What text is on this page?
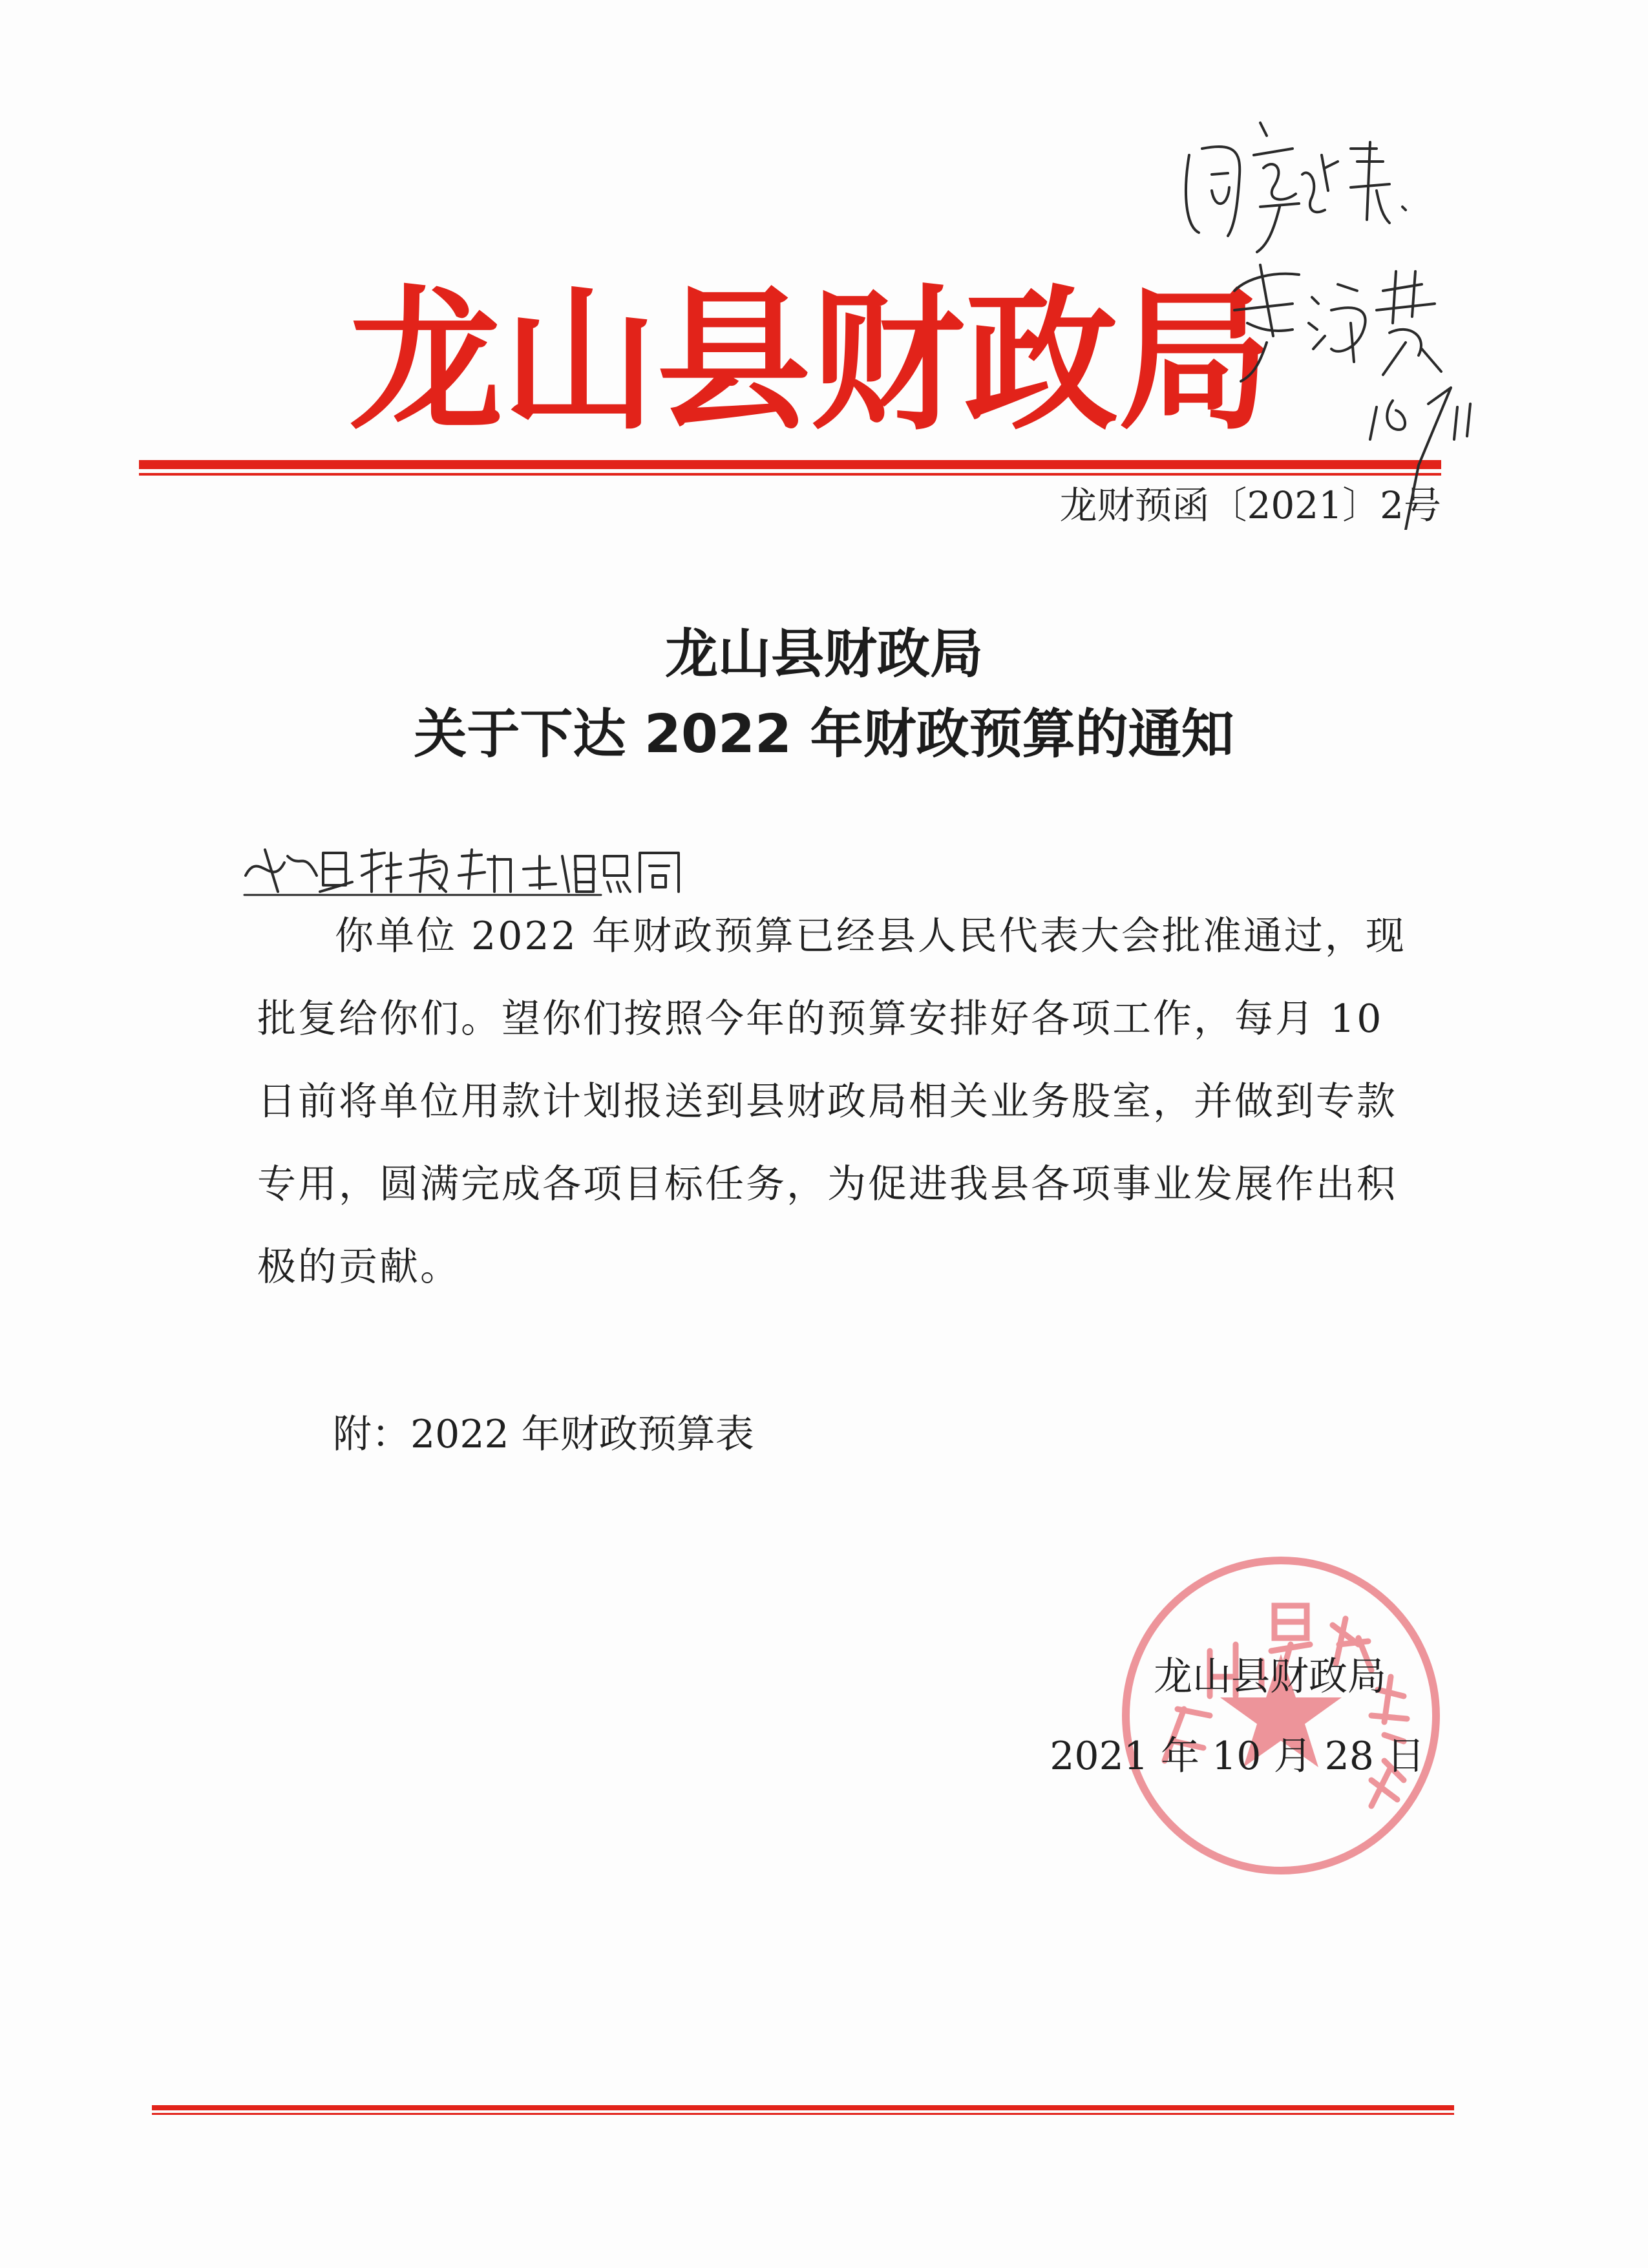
龙山县财政局
龙财预函〔2021〕2号
龙山县财政局
关于下达 2022 年财政预算的通知

你单位 2022 年财政预算已经县人民代表大会批准通过，现批复给你们。望你们按照今年的预算安排好各项工作，每月 10 日前将单位用款计划报送到县财政局相关业务股室，并做到专款专用，圆满完成各项目标任务，为促进我县各项事业发展作出积极的贡献。

附：2022 年财政预算表
龙山县财政局
2021 年 10 月 28 日
